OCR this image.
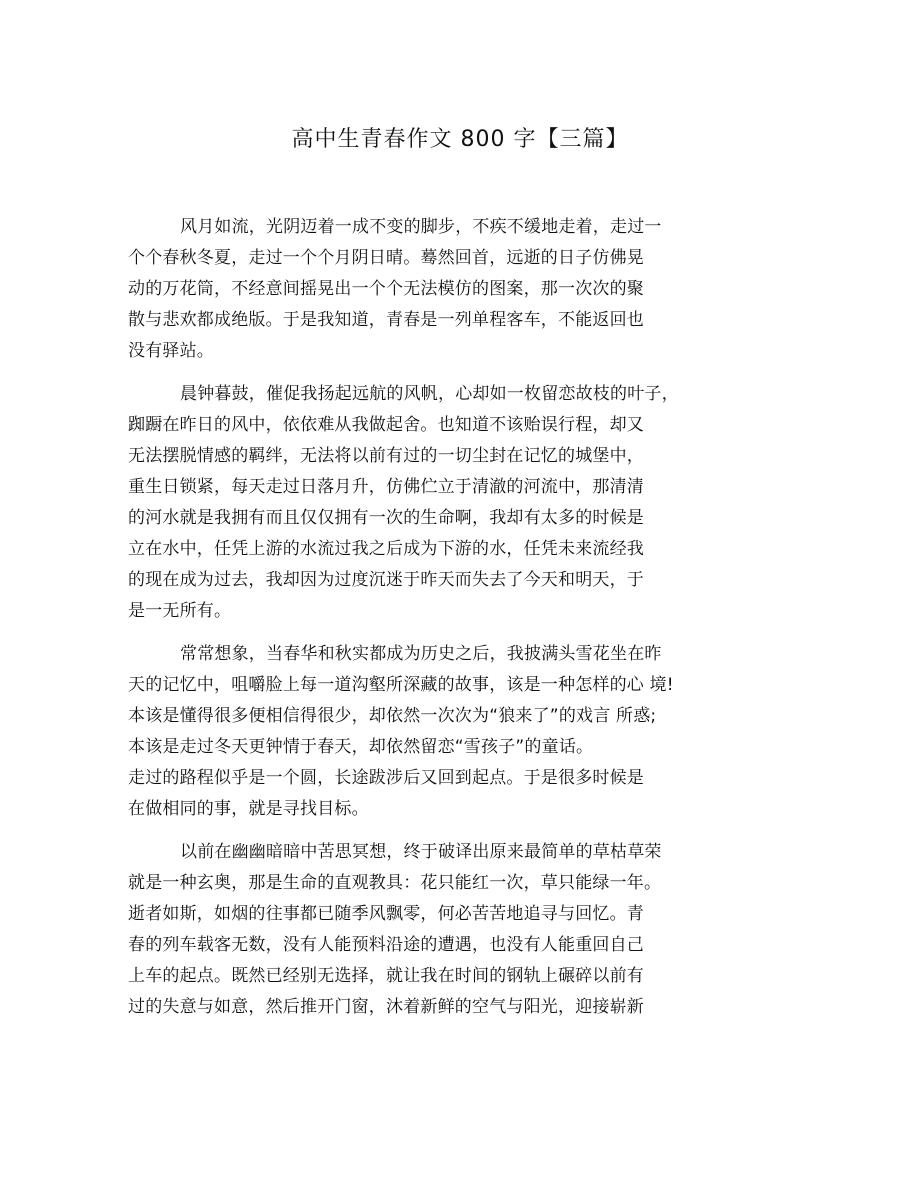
高中生青春作文 800 字【三篇】
风月如流，光阴迈着一成不变的脚步，不疾不缓地走着，走过一
个个春秋冬夏，走过一个个月阴日晴。蓦然回首，远逝的日子仿佛晃
动的万花筒，不经意间摇晃出一个个无法模仿的图案，那一次次的聚
散与悲欢都成绝版。于是我知道，青春是一列单程客车，不能返回也
没有驿站。
晨钟暮鼓，催促我扬起远航的风帆，心却如一枚留恋故枝的叶子，
踟蹰在昨日的风中，依依难从我做起舍。也知道不该贻误行程，却又
无法摆脱情感的羁绊，无法将以前有过的一切尘封在记忆的城堡中，
重生日锁紧，每天走过日落月升，仿佛伫立于清澈的河流中，那清清
的河水就是我拥有而且仅仅拥有一次的生命啊，我却有太多的时候是
立在水中，任凭上游的水流过我之后成为下游的水，任凭未来流经我
的现在成为过去，我却因为过度沉迷于昨天而失去了今天和明天，于
是一无所有。
常常想象，当春华和秋实都成为历史之后，我披满头雪花坐在昨
天的记忆中，咀嚼脸上每一道沟壑所深藏的故事，该是一种怎样的心 境!
本该是懂得很多便相信得很少，却依然一次次为“狼来了”的戏言 所惑;
本该是走过冬天更钟情于春天，却依然留恋“雪孩子”的童话。
走过的路程似乎是一个圆，长途跋涉后又回到起点。于是很多时候是
在做相同的事，就是寻找目标。
以前在幽幽暗暗中苦思冥想，终于破译出原来最简单的草枯草荣
就是一种玄奥，那是生命的直观教具：花只能红一次，草只能绿一年。
逝者如斯，如烟的往事都已随季风飘零，何必苦苦地追寻与回忆。青
春的列车载客无数，没有人能预料沿途的遭遇，也没有人能重回自己
上车的起点。既然已经别无选择，就让我在时间的钢轨上碾碎以前有
过的失意与如意，然后推开门窗，沐着新鲜的空气与阳光，迎接崭新
